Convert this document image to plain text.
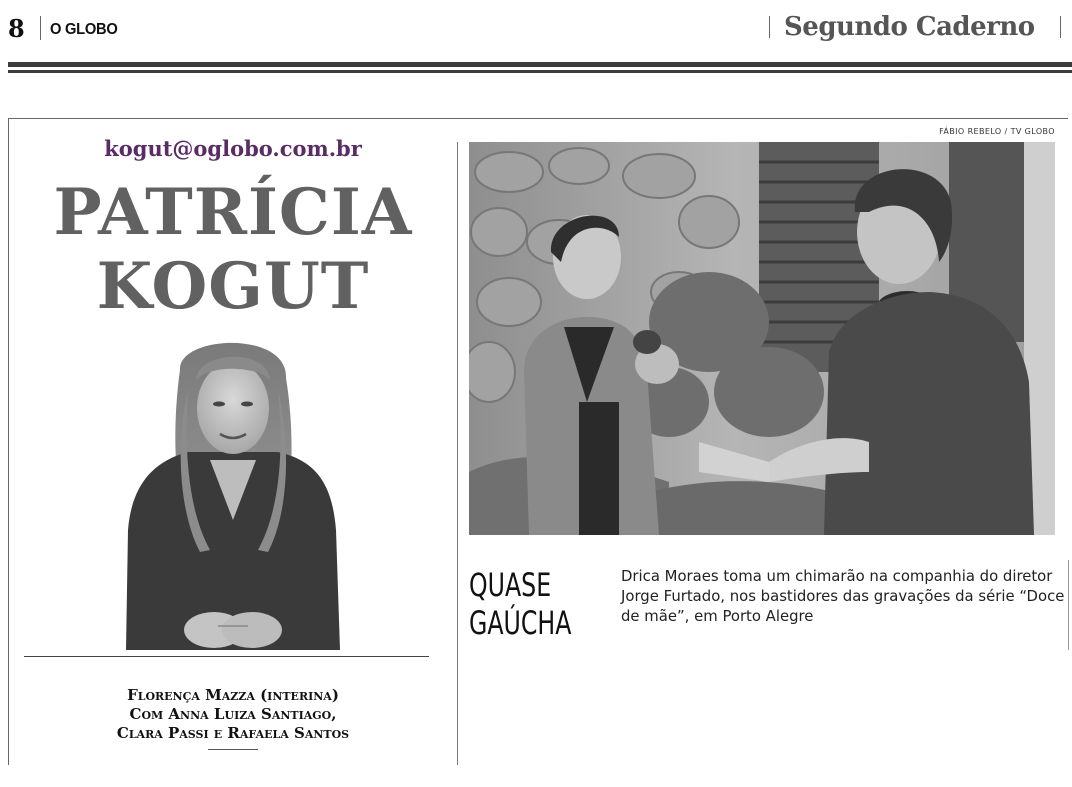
8 O GLOBO	Segundo Caderno
kogut@oglobo.com.br
PATRÍCIA
KOGUT
Florença Mazza (interina)
Com Anna Luiza Santiago,
Clara Passi e Rafaela Santos
FÁBIO REBELO / TV GLOBO
QUASE
GAÚCHA
Drica Moraes toma um chimarão na companhia do diretor Jorge Furtado, nos bastidores das gravações da série “Doce de mãe”, em Porto Alegre
